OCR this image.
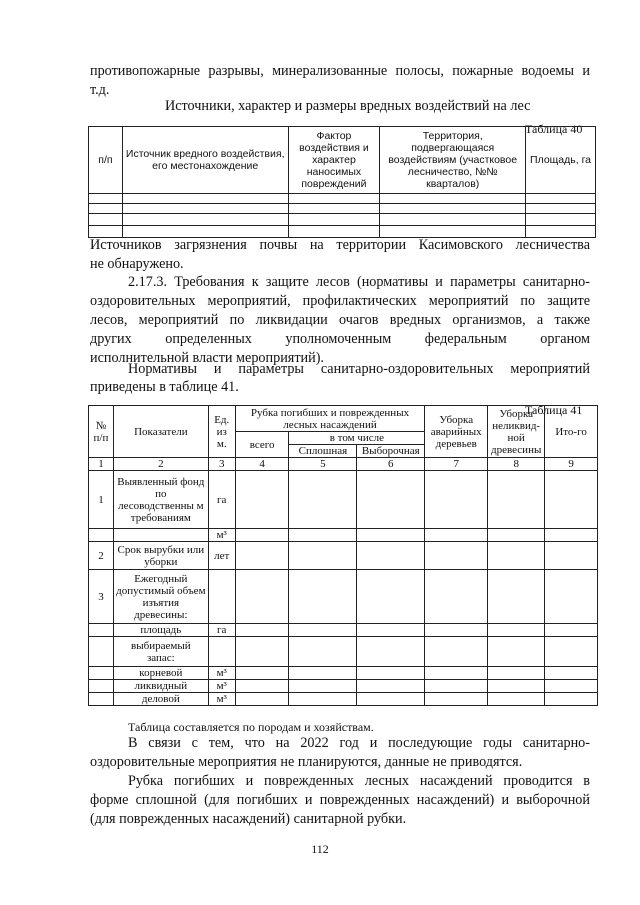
противопожарные разрывы, минерализованные полосы, пожарные водоемы и

т.д.

Источники, характер и размеры вредных воздействий на лес

Таблица 40

п/п	Источник вредного воздействия, его местонахождение	Фактор воздействия и характер наносимых повреждений	Территория, подвергающаяся воздействиям (участковое лесничество, №№ кварталов)	Площадь, га

Источников загрязнения почвы на территории Касимовского лесничества

не обнаружено.

2.17.3. Требования к защите лесов (нормативы и параметры санитарно-

оздоровительных мероприятий, профилактических мероприятий по защите

лесов, мероприятий по ликвидации очагов вредных организмов, а также

других определенных уполномоченным федеральным органом

исполнительной власти мероприятий).

Нормативы и параметры санитарно-оздоровительных мероприятий

приведены в таблице 41.

Таблица 41

№ п/п	Показатели	Ед. из м.	Рубка погибших и поврежденных лесных насаждений			Уборка аварийных деревьев	Уборка неликвид-ной древесины	Ито-го
			всего	в том числе				
				Сплошная	Выборочная			
1	2	3	4	5	6	7	8	9
1	Выявленный фонд по лесоводственны м требованиям	га						
		м³						
2	Срок вырубки или уборки	лет						
3	Ежегодный допустимый объем изъятия древесины:							
	площадь	га						
	выбираемый запас:							
	корневой	м³						
	ликвидный	м³						
	деловой	м³						

Таблица составляется по породам и хозяйствам.

В связи с тем, что на 2022 год и последующие годы санитарно-

оздоровительные мероприятия не планируются, данные не приводятся.

Рубка погибших и поврежденных лесных насаждений проводится в

форме сплошной (для погибших и поврежденных насаждений) и выборочной

(для поврежденных насаждений) санитарной рубки.

112
